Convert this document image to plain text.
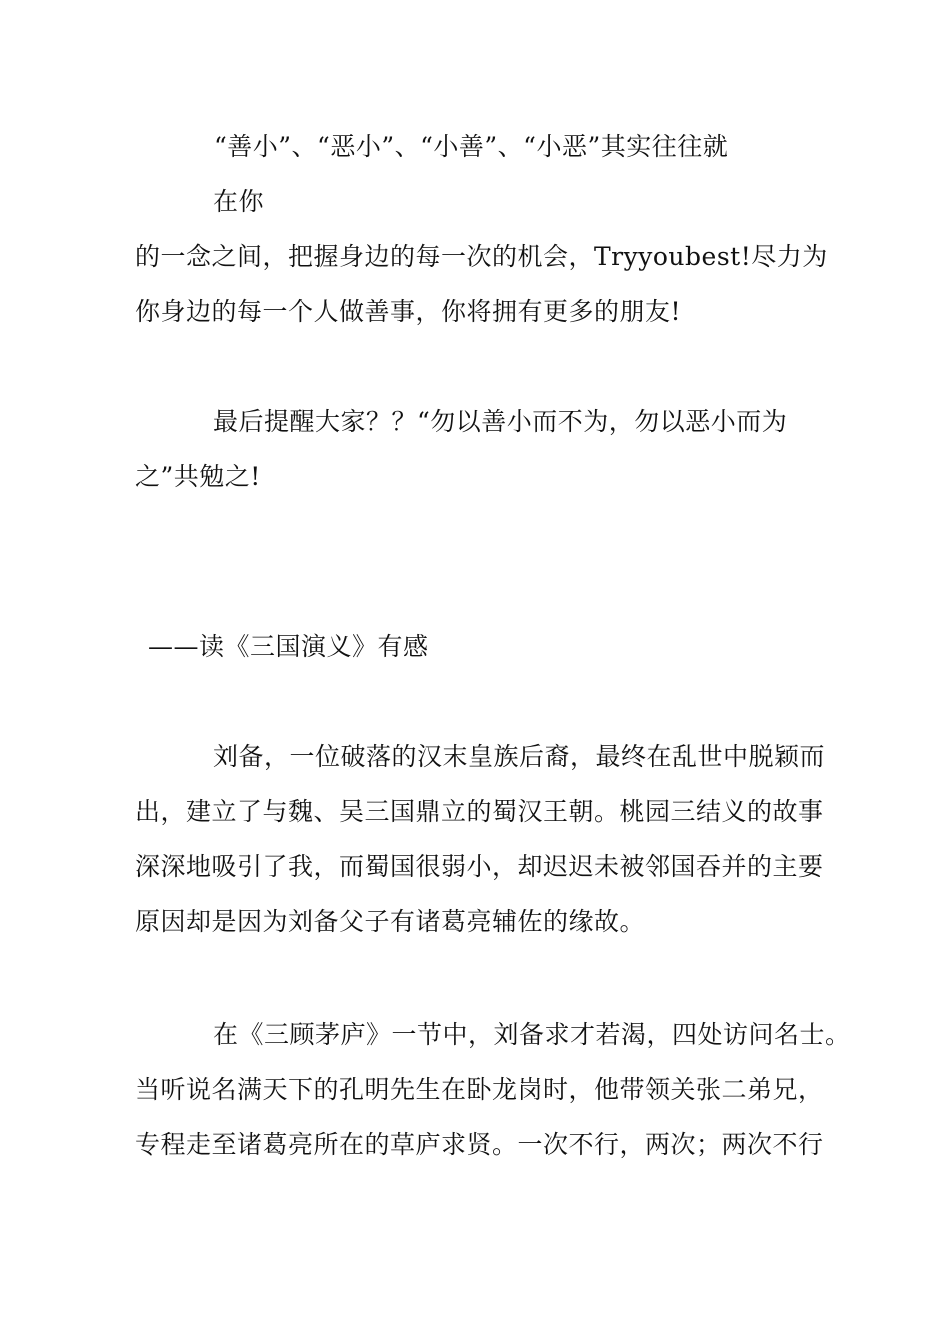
“善小”、“恶小”、“小善”、“小恶”其实往往就
在你
的一念之间，把握身边的每一次的机会，Tryyoubest!尽力为
你身边的每一个人做善事，你将拥有更多的朋友!
最后提醒大家？？“勿以善小而不为，勿以恶小而为
之”共勉之!
——读《三国演义》有感
刘备，一位破落的汉末皇族后裔，最终在乱世中脱颖而
出，建立了与魏、吴三国鼎立的蜀汉王朝。桃园三结义的故事
深深地吸引了我，而蜀国很弱小，却迟迟未被邻国吞并的主要
原因却是因为刘备父子有诸葛亮辅佐的缘故。
在《三顾茅庐》一节中，刘备求才若渴，四处访问名士。
当听说名满天下的孔明先生在卧龙岗时，他带领关张二弟兄，
专程走至诸葛亮所在的草庐求贤。一次不行，两次；两次不行
